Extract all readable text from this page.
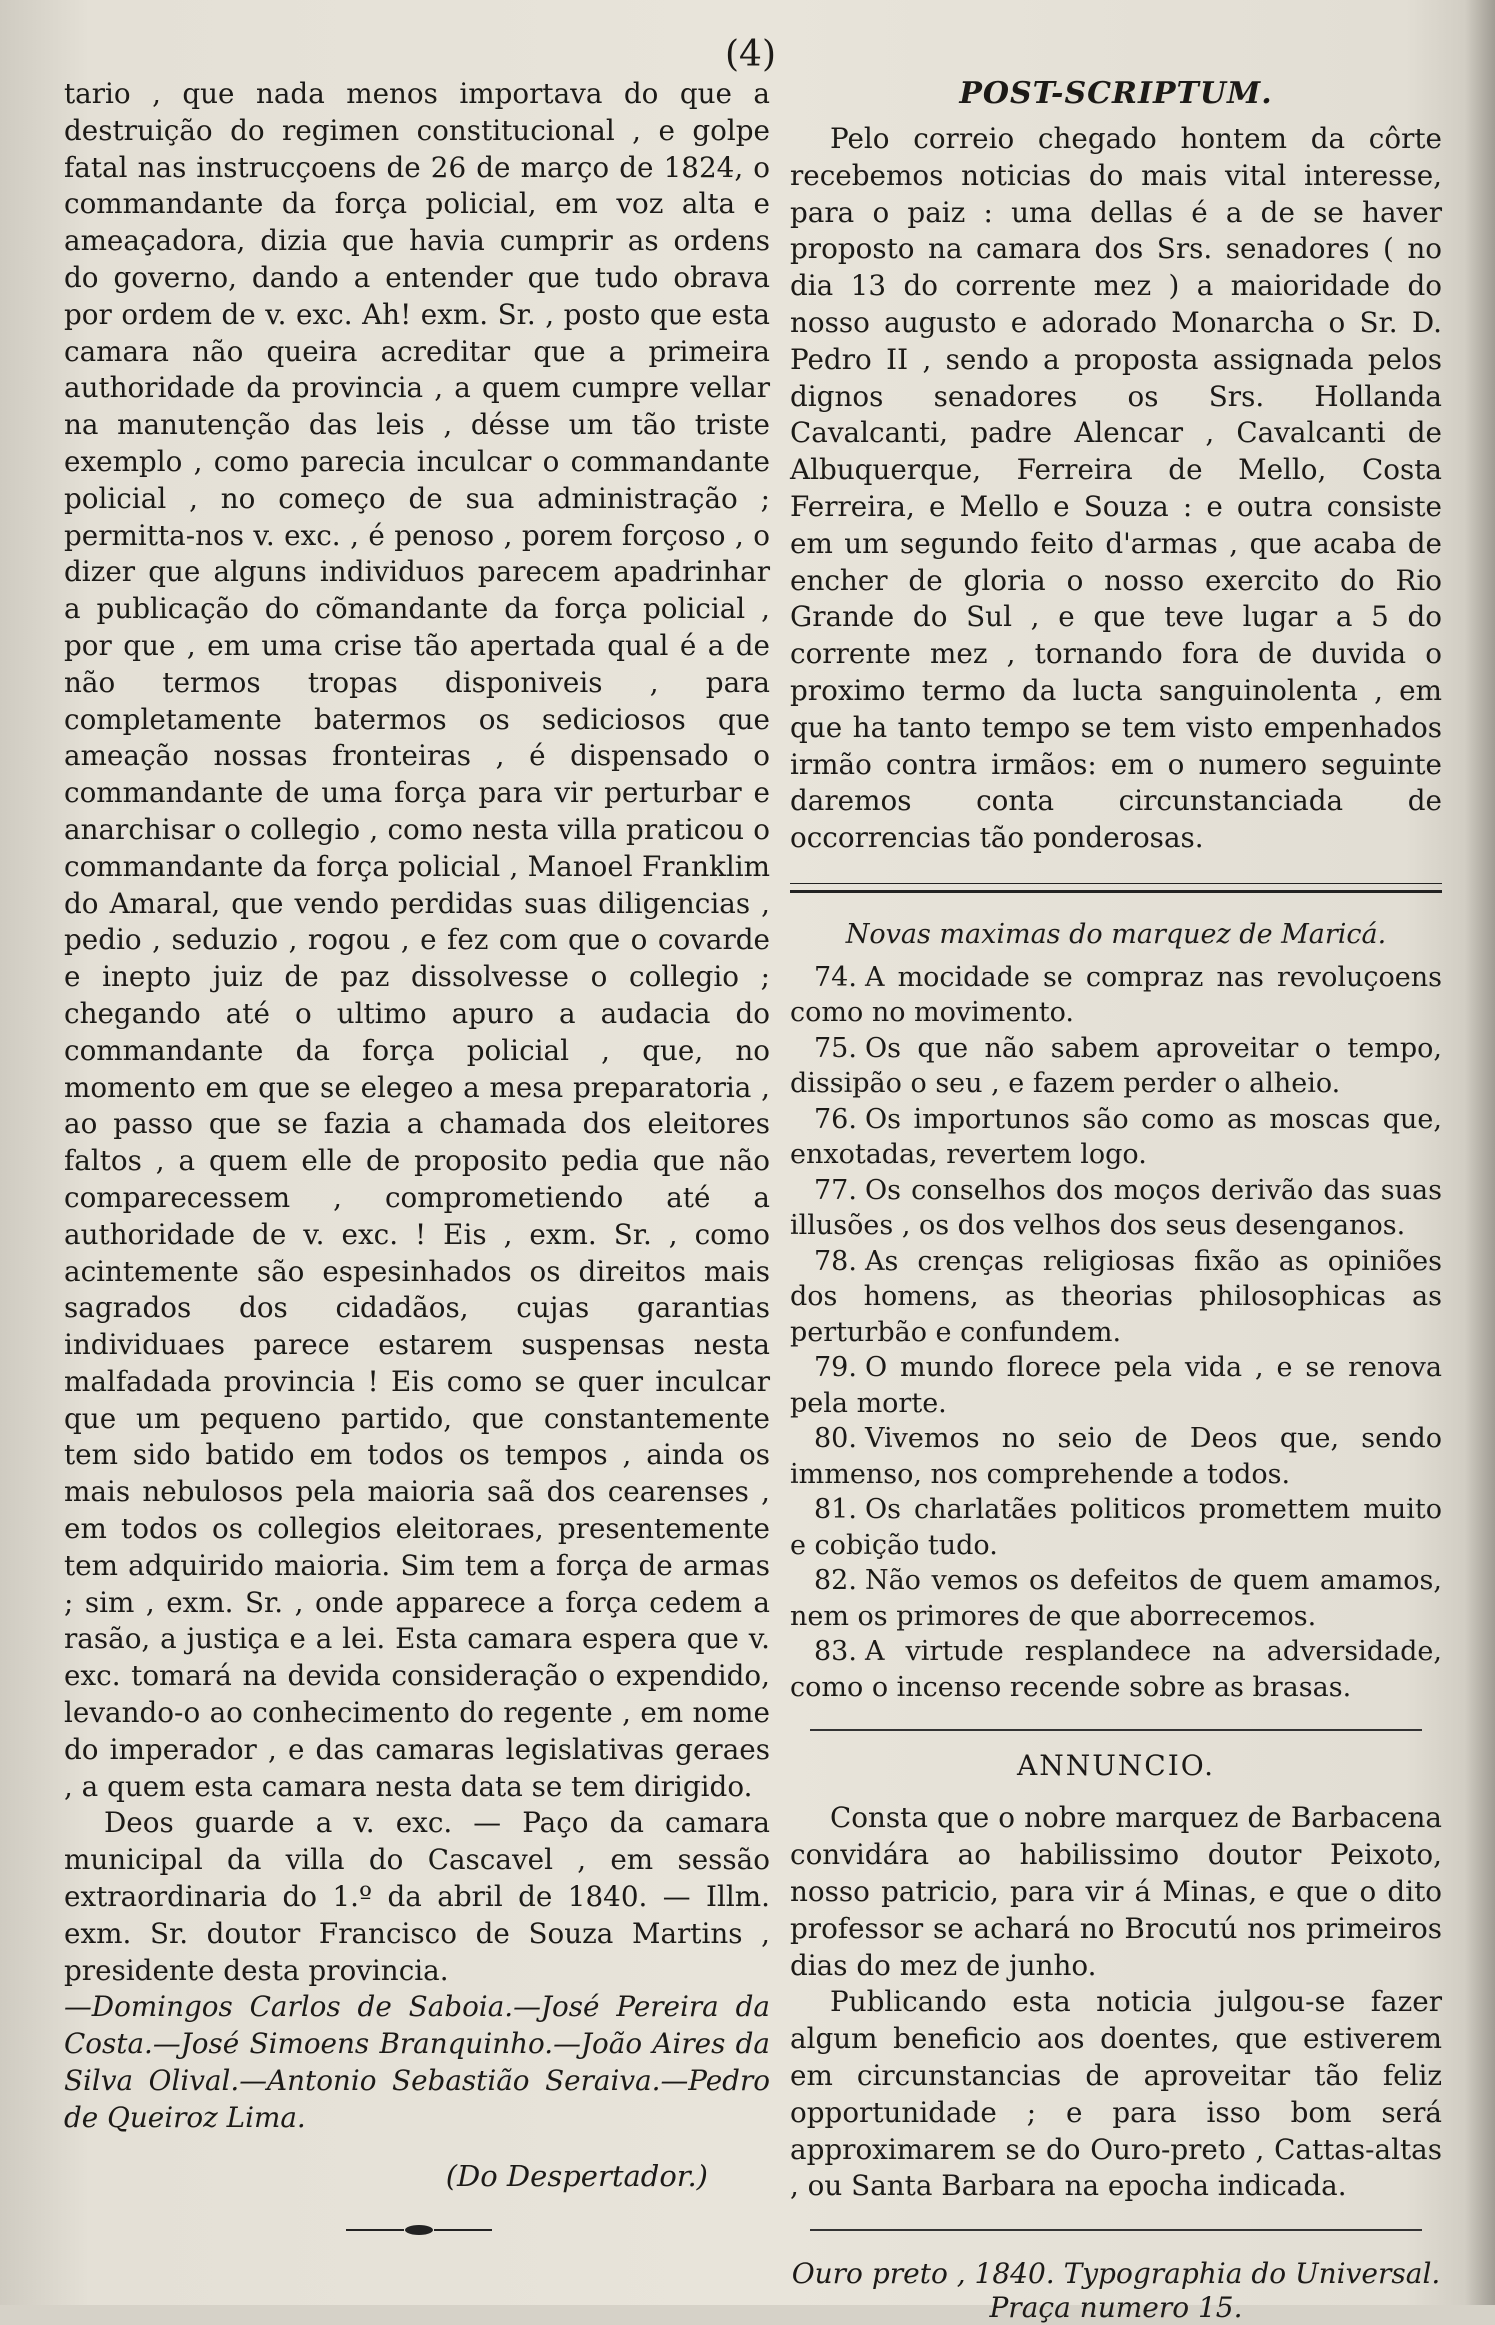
(4)

tario , que nada menos importava do que a destruição do regimen constitucional , e golpe fatal nas instrucçoens de 26 de março de 1824, o commandante da força policial, em voz alta e ameaçadora, dizia que havia cumprir as ordens do governo, dando a entender que tudo obrava por ordem de v. exc. Ah! exm. Sr. , posto que esta camara não queira acreditar que a primeira authoridade da provincia , a quem cumpre vellar na manutenção das leis , désse um tão triste exemplo , como parecia inculcar o commandante policial , no começo de sua administração ; permitta-nos v. exc. , é penoso , porem forçoso , o dizer que alguns individuos parecem apadrinhar a publicação do cõmandante da força policial , por que , em uma crise tão apertada qual é a de não termos tropas disponiveis , para completamente batermos os sediciosos que ameação nossas fronteiras , é dispensado o commandante de uma força para vir perturbar e anarchisar o collegio , como nesta villa praticou o commandante da força policial , Manoel Franklim do Amaral, que vendo perdidas suas diligencias , pedio , seduzio , rogou , e fez com que o covarde e inepto juiz de paz dissolvesse o collegio ; chegando até o ultimo apuro a audacia do commandante da força policial , que, no momento em que se elegeo a mesa preparatoria , ao passo que se fazia a chamada dos eleitores faltos , a quem elle de proposito pedia que não comparecessem , comprometiendo até a authoridade de v. exc. ! Eis , exm. Sr. , como acintemente são espesinhados os direitos mais sagrados dos cidadãos, cujas garantias individuaes parece estarem suspensas nesta malfadada provincia ! Eis como se quer inculcar que um pequeno partido, que constantemente tem sido batido em todos os tempos , ainda os mais nebulosos pela maioria saã dos cearenses , em todos os collegios eleitoraes, presentemente tem adquirido maioria. Sim tem a força de armas ; sim , exm. Sr. , onde apparece a força cedem a rasão, a justiça e a lei. Esta camara espera que v. exc. tomará na devida consideração o expendido, levando-o ao conhecimento do regente , em nome do imperador , e das camaras legislativas geraes , a quem esta camara nesta data se tem dirigido.

Deos guarde a v. exc. — Paço da camara municipal da villa do Cascavel , em sessão extraordinaria do 1.º da abril de 1840. — Illm. exm. Sr. doutor Francisco de Souza Martins , presidente desta provincia.

—Domingos Carlos de Saboia.—José Pereira da Costa.—José Simoens Branquinho.—João Aires da Silva Olival.—Antonio Sebastião Seraiva.—Pedro de Queiroz Lima.

(Do Despertador.)
POST-SCRIPTUM.

Pelo correio chegado hontem da côrte recebemos noticias do mais vital interesse, para o paiz : uma dellas é a de se haver proposto na camara dos Srs. senadores ( no dia 13 do corrente mez ) a maioridade do nosso augusto e adorado Monarcha o Sr. D. Pedro II , sendo a proposta assignada pelos dignos senadores os Srs. Hollanda Cavalcanti, padre Alencar , Cavalcanti de Albuquerque, Ferreira de Mello, Costa Ferreira, e Mello e Souza : e outra consiste em um segundo feito d'armas , que acaba de encher de gloria o nosso exercito do Rio Grande do Sul , e que teve lugar a 5 do corrente mez , tornando fora de duvida o proximo termo da lucta sanguinolenta , em que ha tanto tempo se tem visto empenhados irmão contra irmãos: em o numero seguinte daremos conta circunstanciada de occorrencias tão ponderosas.

Novas maximas do marquez de Maricá.
74. A mocidade se compraz nas revoluçoens como no movimento.
75. Os que não sabem aproveitar o tempo, dissipão o seu , e fazem perder o alheio.
76. Os importunos são como as moscas que, enxotadas, revertem logo.
77. Os conselhos dos moços derivão das suas illusões , os dos velhos dos seus desenganos.
78. As crenças religiosas fixão as opiniões dos homens, as theorias philosophicas as perturbão e confundem.
79. O mundo florece pela vida , e se renova pela morte.
80. Vivemos no seio de Deos que, sendo immenso, nos comprehende a todos.
81. Os charlatães politicos promettem muito e cobição tudo.
82. Não vemos os defeitos de quem amamos, nem os primores de que aborrecemos.
83. A virtude resplandece na adversidade, como o incenso recende sobre as brasas.
ANNUNCIO.

Consta que o nobre marquez de Barbacena convidára ao habilissimo doutor Peixoto, nosso patricio, para vir á Minas, e que o dito professor se achará no Brocutú nos primeiros dias do mez de junho.

Publicando esta noticia julgou-se fazer algum beneficio aos doentes, que estiverem em circunstancias de aproveitar tão feliz opportunidade ; e para isso bom será approximarem se do Ouro-preto , Cattas-altas , ou Santa Barbara na epocha indicada.

Ouro preto , 1840. Typographia do Universal.
Praça numero 15.
